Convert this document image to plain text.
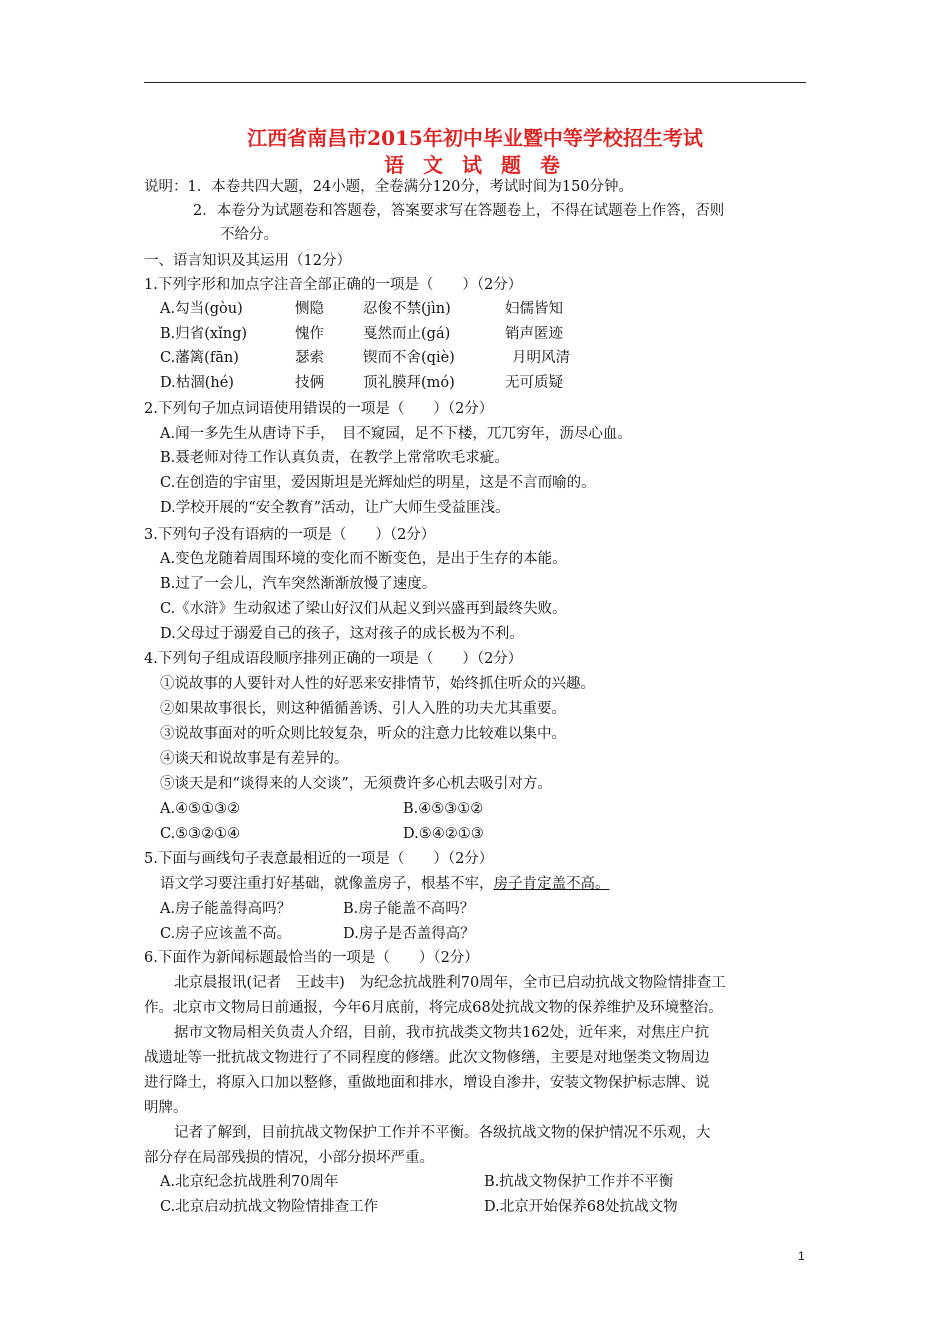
江西省南昌市2015年初中毕业暨中等学校招生考试
语 文 试 题 卷
说明：1．本卷共四大题，24小题，全卷满分120分，考试时间为150分钟。
2．本卷分为试题卷和答题卷，答案要求写在答题卷上，不得在试题卷上作答，否则
不给分。
一、语言知识及其运用（12分）
1.下列字形和加点字注音全部正确的一项是（　　）（2分）
A.勾当(gòu)	恻隐	忍俊不禁(jìn)	妇儒皆知
B.归省(xǐng)	愧作	戛然而止(gá)	销声匿迹
C.藩篱(fān)	瑟索	锲而不舍(qiè)	月明风清
D.枯涸(hé)	技俩	顶礼膜拜(mó)	无可质疑
2.下列句子加点词语使用错误的一项是（　　）（2分）
A.闻一多先生从唐诗下手，　目不窥园，足不下楼，兀兀穷年，沥尽心血。
B.聂老师对待工作认真负责，在教学上常常吹毛求疵。
C.在创造的宇宙里，爱因斯坦是光辉灿烂的明星，这是不言而喻的。
D.学校开展的“安全教育”活动，让广大师生受益匪浅。
3.下列句子没有语病的一项是（　　）（2分）
A.变色龙随着周围环境的变化而不断变色，是出于生存的本能。
B.过了一会儿，汽车突然渐渐放慢了速度。
C.《水浒》生动叙述了梁山好汉们从起义到兴盛再到最终失败。
D.父母过于溺爱自己的孩子，这对孩子的成长极为不利。
4.下列句子组成语段顺序排列正确的一项是（　　）（2分）
①说故事的人要针对人性的好恶来安排情节，始终抓住听众的兴趣。
②如果故事很长，则这种循循善诱、引人入胜的功夫尤其重要。
③说故事面对的听众则比较复杂，听众的注意力比较难以集中。
④谈天和说故事是有差异的。
⑤谈天是和“谈得来的人交谈”，无须费许多心机去吸引对方。
A.④⑤①③②	B.④⑤③①②
C.⑤③②①④	D.⑤④②①③
5.下面与画线句子表意最相近的一项是（　　）（2分）
语文学习要注重打好基础，就像盖房子，根基不牢，房子肯定盖不高。
A.房子能盖得高吗？	B.房子能盖不高吗？
C.房子应该盖不高。	D.房子是否盖得高？
6.下面作为新闻标题最恰当的一项是（　　）（2分）
北京晨报讯(记者　王歧丰)　为纪念抗战胜利70周年，全市已启动抗战文物险情排查工
作。北京市文物局日前通报，今年6月底前，将完成68处抗战文物的保养维护及环境整治。
据市文物局相关负责人介绍，目前，我市抗战类文物共162处，近年来，对焦庄户抗
战遗址等一批抗战文物进行了不同程度的修缮。此次文物修缮，主要是对地堡类文物周边
进行降土，将原入口加以整修，重做地面和排水，增设自渗井，安装文物保护标志牌、说
明牌。
记者了解到，目前抗战文物保护工作并不平衡。各级抗战文物的保护情况不乐观，大
部分存在局部残损的情况，小部分损坏严重。
A.北京纪念抗战胜利70周年	B.抗战文物保护工作并不平衡
C.北京启动抗战文物险情排查工作	D.北京开始保养68处抗战文物
1
